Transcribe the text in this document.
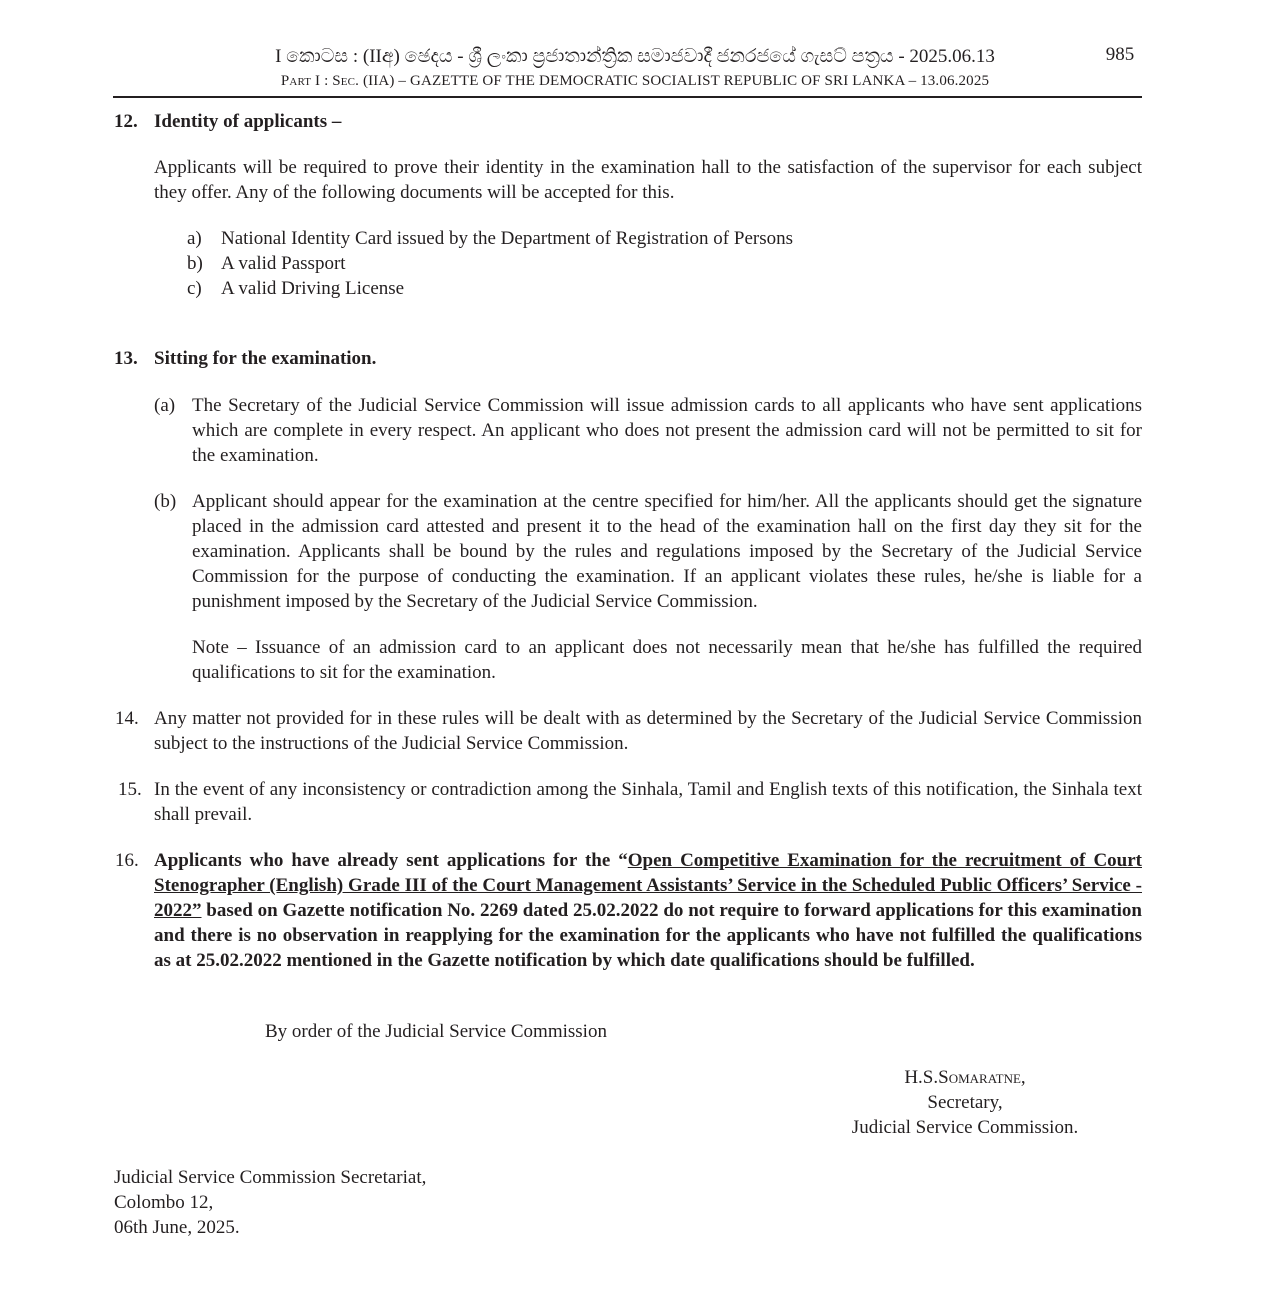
I කොටස : (IIඅ) ඡෙදය - ශ්‍රී ලංකා ප්‍රජාතාන්ත්‍රික සමාජවාදී ජනරජයේ ගැසට් පත්‍රය - 2025.06.13	985
Part I : Sec. (IIA) – GAZETTE OF THE DEMOCRATIC SOCIALIST REPUBLIC OF SRI LANKA – 13.06.2025
12. Identity of applicants –
Applicants will be required to prove their identity in the examination hall to the satisfaction of the supervisor for each subject they offer. Any of the following documents will be accepted for this.
a) National Identity Card issued by the Department of Registration of Persons
b) A valid Passport
c) A valid Driving License
13. Sitting for the examination.
(a) The Secretary of the Judicial Service Commission will issue admission cards to all applicants who have sent applications which are complete in every respect. An applicant who does not present the admission card will not be permitted to sit for the examination.
(b) Applicant should appear for the examination at the centre specified for him/her. All the applicants should get the signature placed in the admission card attested and present it to the head of the examination hall on the first day they sit for the examination. Applicants shall be bound by the rules and regulations imposed by the Secretary of the Judicial Service Commission for the purpose of conducting the examination. If an applicant violates these rules, he/she is liable for a punishment imposed by the Secretary of the Judicial Service Commission.
Note – Issuance of an admission card to an applicant does not necessarily mean that he/she has fulfilled the required qualifications to sit for the examination.
14. Any matter not provided for in these rules will be dealt with as determined by the Secretary of the Judicial Service Commission subject to the instructions of the Judicial Service Commission.
15. In the event of any inconsistency or contradiction among the Sinhala, Tamil and English texts of this notification, the Sinhala text shall prevail.
16. Applicants who have already sent applications for the “Open Competitive Examination for the recruitment of Court Stenographer (English) Grade III of the Court Management Assistants’ Service in the Scheduled Public Officers’ Service - 2022” based on Gazette notification No. 2269 dated 25.02.2022 do not require to forward applications for this examination and there is no observation in reapplying for the examination for the applicants who have not fulfilled the qualifications as at 25.02.2022 mentioned in the Gazette notification by which date qualifications should be fulfilled.
By order of the Judicial Service Commission
H.S.Somaratne,
Secretary,
Judicial Service Commission.
Judicial Service Commission Secretariat,
Colombo 12,
06th June, 2025.
